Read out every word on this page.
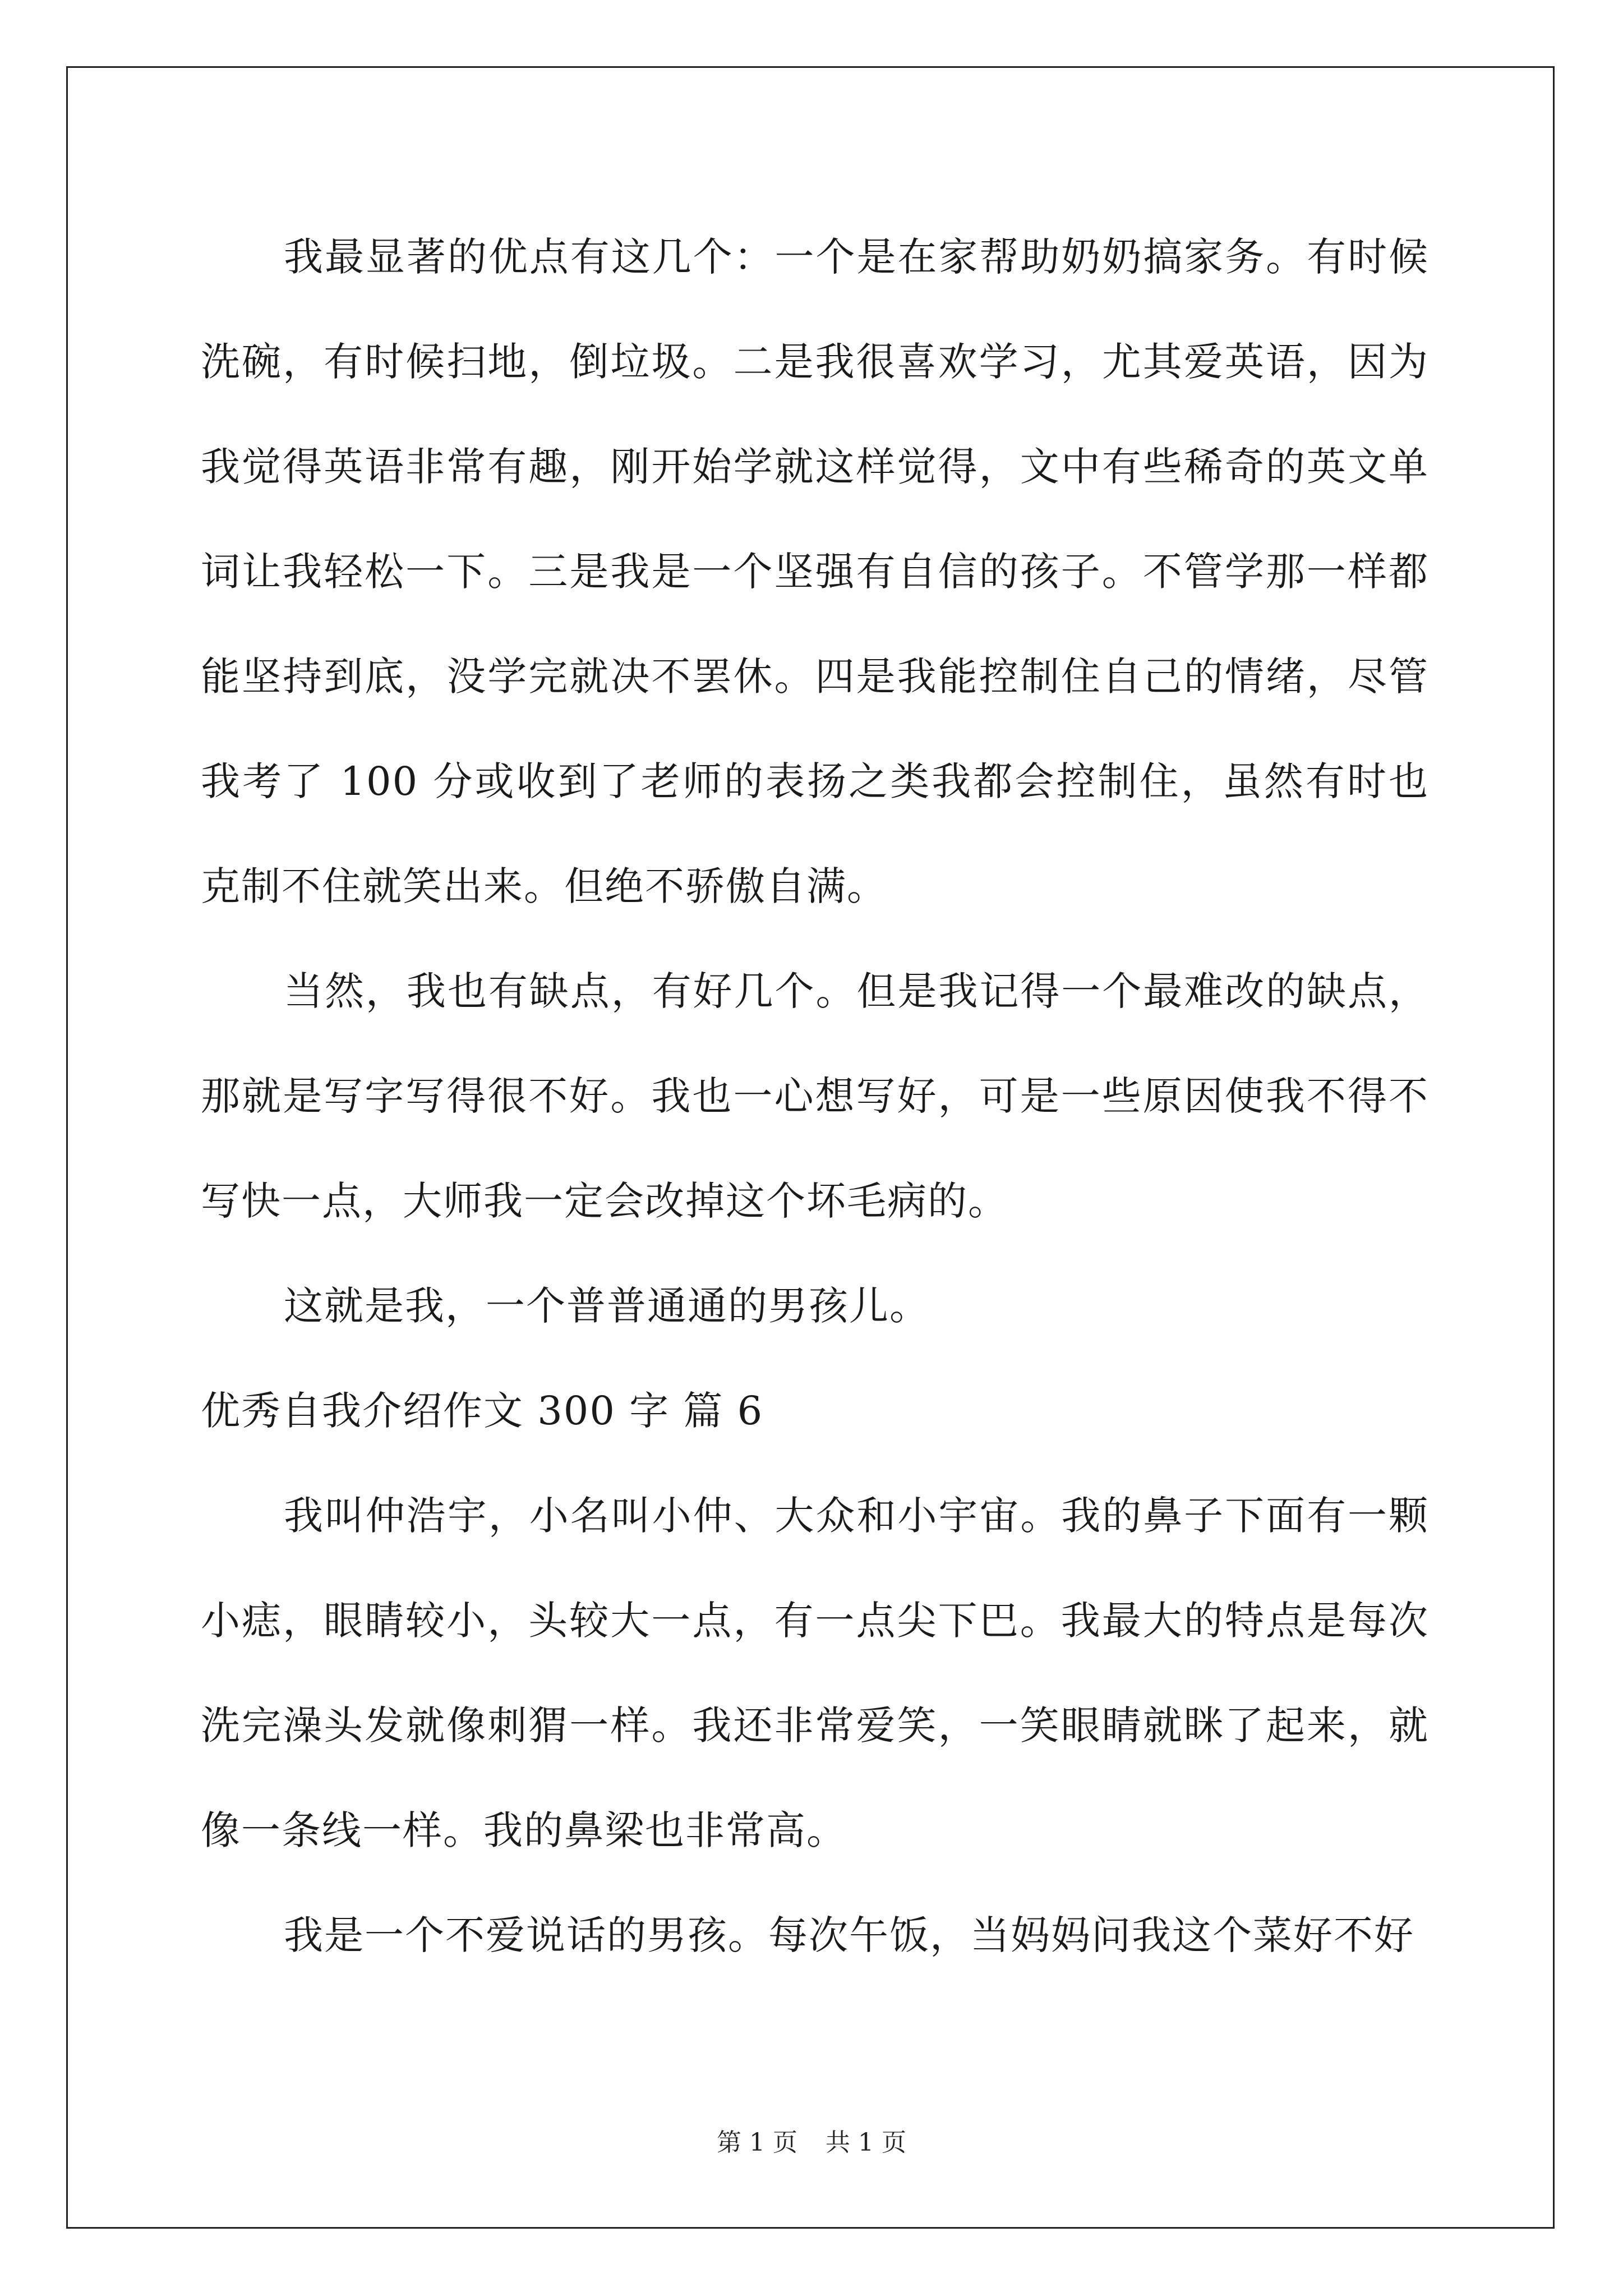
我最显著的优点有这几个：一个是在家帮助奶奶搞家务。有时候洗碗，有时候扫地，倒垃圾。二是我很喜欢学习，尤其爱英语，因为我觉得英语非常有趣，刚开始学就这样觉得，文中有些稀奇的英文单词让我轻松一下。三是我是一个坚强有自信的孩子。不管学那一样都能坚持到底，没学完就决不罢休。四是我能控制住自己的情绪，尽管我考了 100 分或收到了老师的表扬之类我都会控制住，虽然有时也克制不住就笑出来。但绝不骄傲自满。

当然，我也有缺点，有好几个。但是我记得一个最难改的缺点，那就是写字写得很不好。我也一心想写好，可是一些原因使我不得不写快一点，大师我一定会改掉这个坏毛病的。

这就是我，一个普普通通的男孩儿。

优秀自我介绍作文 300 字 篇 6

我叫仲浩宇，小名叫小仲、大众和小宇宙。我的鼻子下面有一颗小痣，眼睛较小，头较大一点，有一点尖下巴。我最大的特点是每次洗完澡头发就像刺猬一样。我还非常爱笑，一笑眼睛就眯了起来，就像一条线一样。我的鼻梁也非常高。

我是一个不爱说话的男孩。每次午饭，当妈妈问我这个菜好不好

第 1 页 共 1 页
